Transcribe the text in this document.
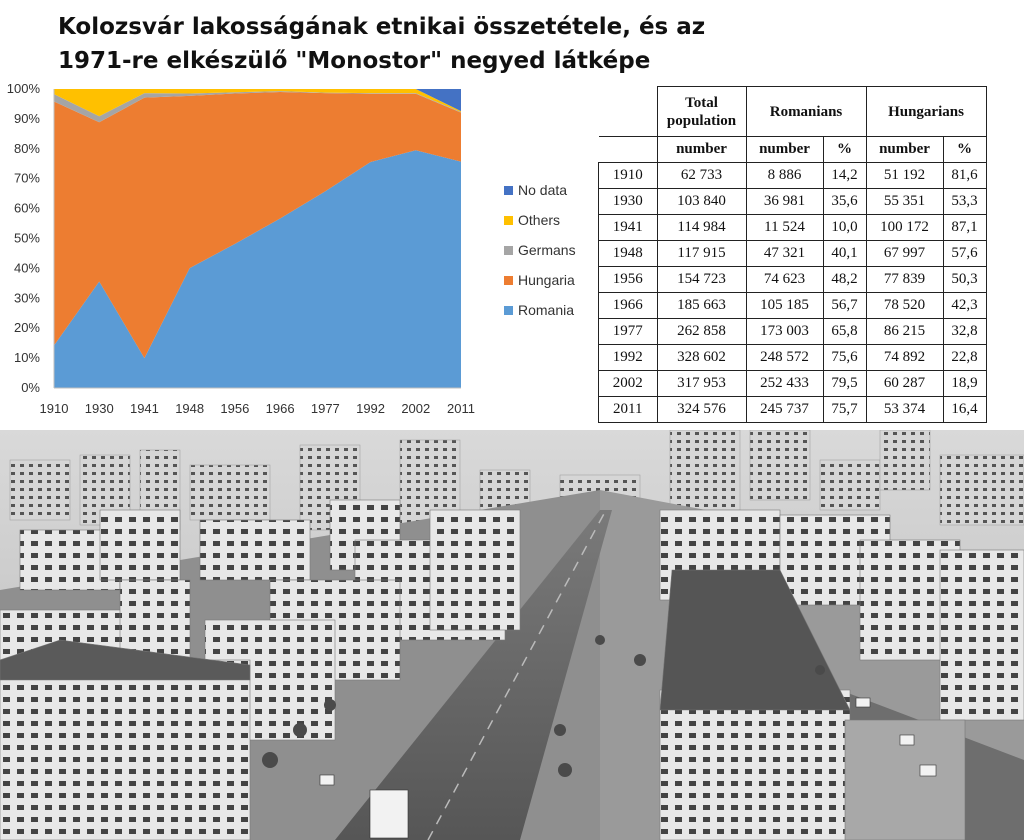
Kolozsvár lakosságának etnikai összetétele, és az
1971-re elkészülő "Monostor" negyed látképe
0%
10%
20%
30%
40%
50%
60%
70%
80%
90%
100%
1910 1930 1941 1948 1956 1966 1977 1992 2002 2011
No data
Others
Germans
Hungaria
Romania
	Total population	Romanians		Hungarians	
	number	number	%	number	%
1910	62 733	8 886	14,2	51 192	81,6
1930	103 840	36 981	35,6	55 351	53,3
1941	114 984	11 524	10,0	100 172	87,1
1948	117 915	47 321	40,1	67 997	57,6
1956	154 723	74 623	48,2	77 839	50,3
1966	185 663	105 185	56,7	78 520	42,3
1977	262 858	173 003	65,8	86 215	32,8
1992	328 602	248 572	75,6	74 892	22,8
2002	317 953	252 433	79,5	60 287	18,9
2011	324 576	245 737	75,7	53 374	16,4
